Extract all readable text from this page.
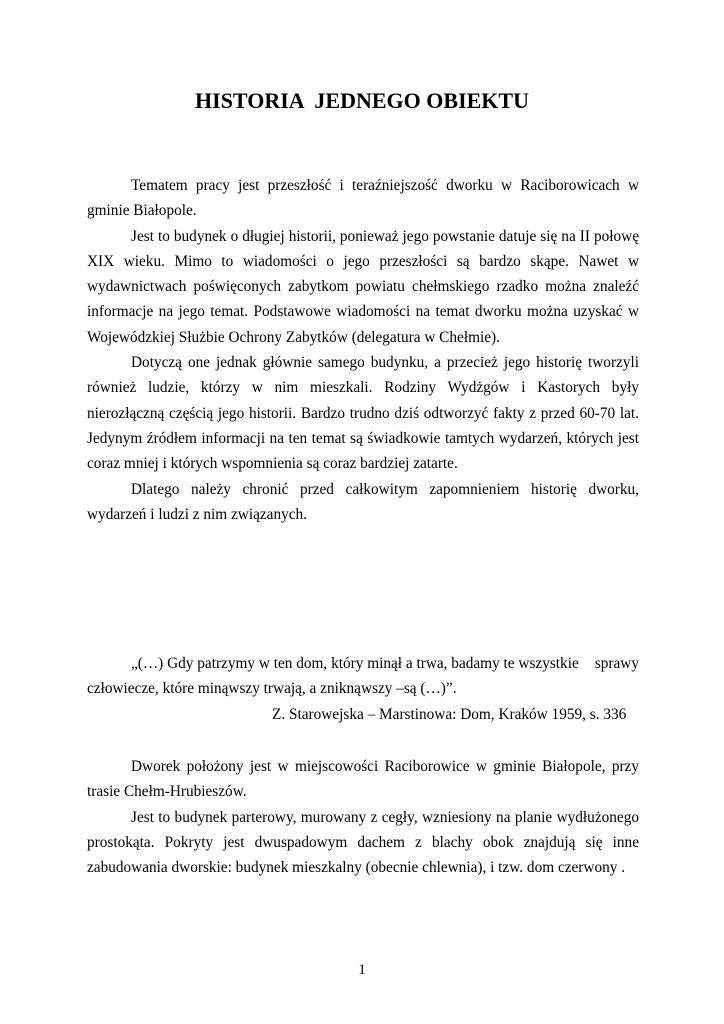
HISTORIA  JEDNEGO OBIEKTU

Tematem pracy jest przeszłość i teraźniejszość dworku w Raciborowicach w gminie Białopole.

Jest to budynek o długiej historii, ponieważ jego powstanie datuje się na II połowę XIX wieku. Mimo to wiadomości o jego przeszłości są bardzo skąpe. Nawet w wydawnictwach poświęconych zabytkom powiatu chełmskiego rzadko można znaleźć informacje na jego temat. Podstawowe wiadomości na temat dworku można uzyskać w Wojewódzkiej Służbie Ochrony Zabytków (delegatura w Chełmie).

Dotyczą one jednak głównie samego budynku, a przecież jego historię tworzyli również ludzie, którzy w nim mieszkali. Rodziny Wydżgów i Kastorych były nierozłączną częścią jego historii. Bardzo trudno dziś odtworzyć fakty z przed 60-70 lat. Jedynym źródłem informacji na ten temat są świadkowie tamtych wydarzeń, których jest coraz mniej i których wspomnienia są coraz bardziej zatarte.

Dlatego należy chronić przed całkowitym zapomnieniem historię dworku, wydarzeń i ludzi z nim związanych.

„(…) Gdy patrzymy w ten dom, który minął a trwa, badamy te wszystkie sprawy
człowiecze, które minąwszy trwają, a zniknąwszy –są (…)”.
Z. Starowejska – Marstinowa: Dom, Kraków 1959, s. 336

Dworek położony jest w miejscowości Raciborowice w gminie Białopole, przy trasie Chełm-Hrubieszów.

Jest to budynek parterowy, murowany z cegły, wzniesiony na planie wydłużonego prostokąta. Pokryty jest dwuspadowym dachem z blachy obok znajdują się inne zabudowania dworskie: budynek mieszkalny (obecnie chlewnia), i tzw. dom czerwony .

1
